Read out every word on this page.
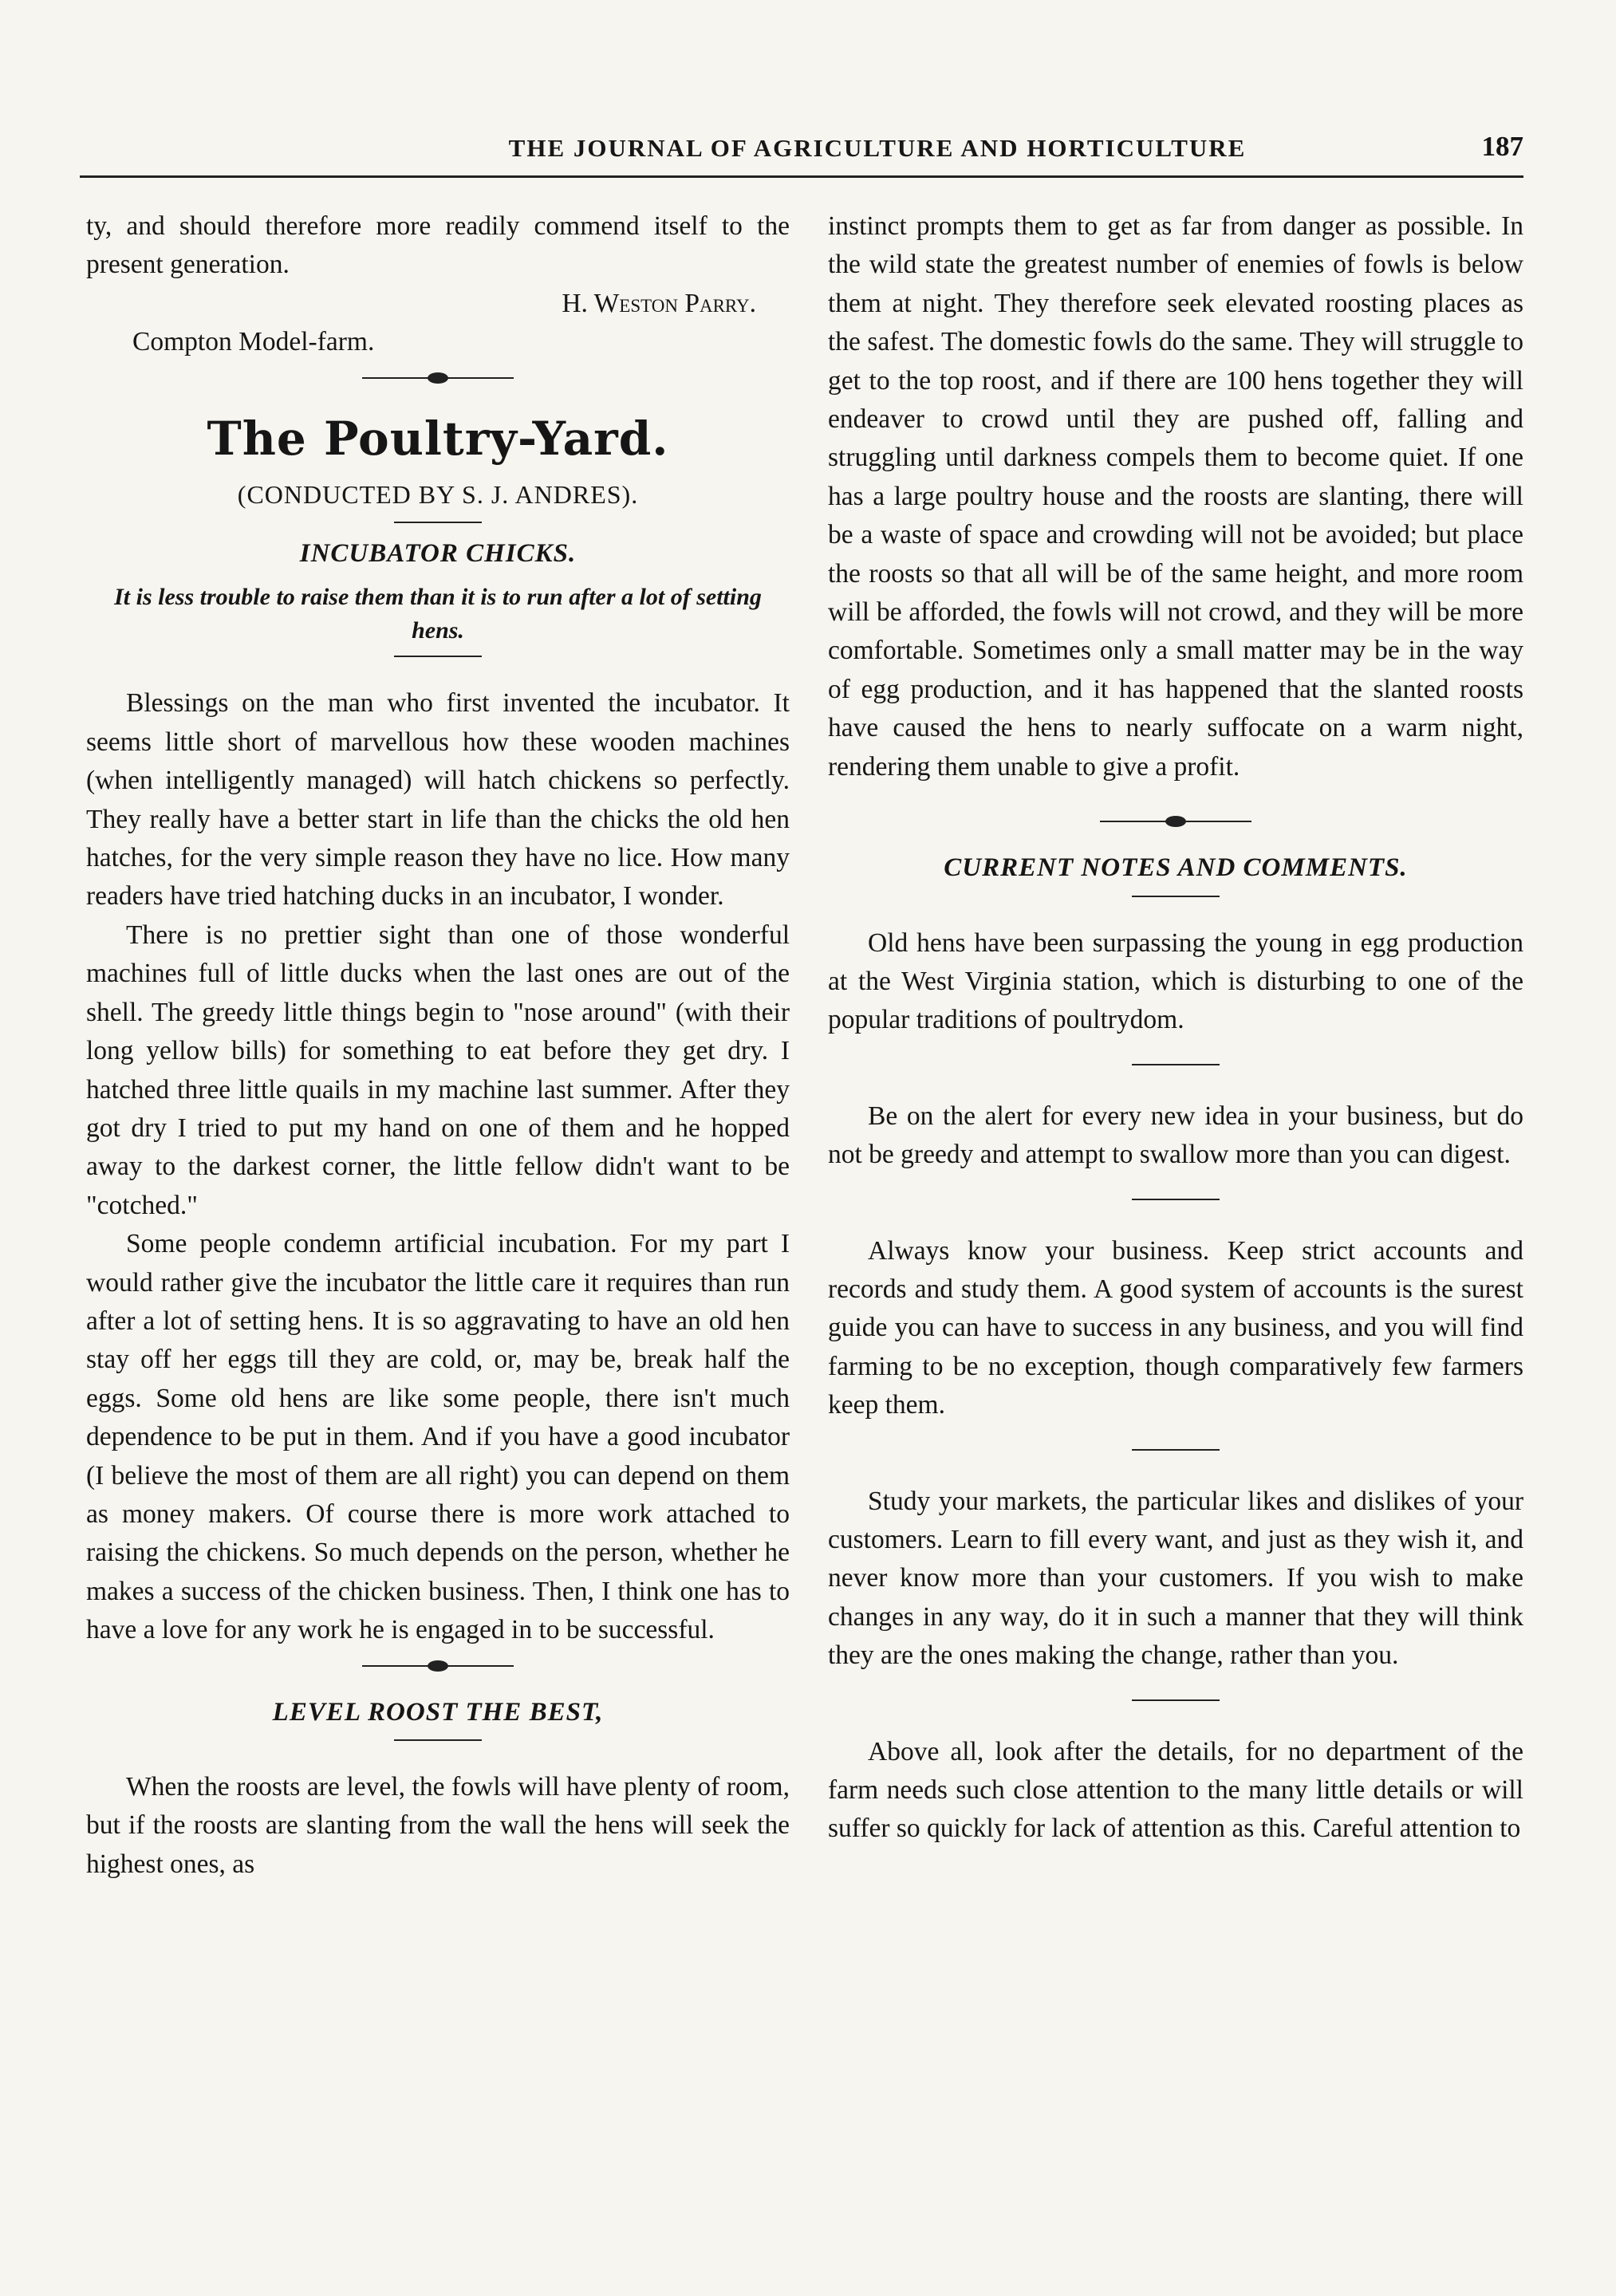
THE JOURNAL OF AGRICULTURE AND HORTICULTURE	187

ty, and should therefore more readily commend itself to the present generation.

H. Weston Parry.

Compton Model-farm.

The Poultry-Yard.
(CONDUCTED BY S. J. ANDRES).
INCUBATOR CHICKS.
It is less trouble to raise them than it is to run after a lot of setting hens.

Blessings on the man who first invented the incubator. It seems little short of marvellous how these wooden machines (when intelligently managed) will hatch chickens so perfectly. They really have a better start in life than the chicks the old hen hatches, for the very simple reason they have no lice. How many readers have tried hatching ducks in an incubator, I wonder.

There is no prettier sight than one of those wonderful machines full of little ducks when the last ones are out of the shell. The greedy little things begin to "nose around" (with their long yellow bills) for something to eat before they get dry. I hatched three little quails in my machine last summer. After they got dry I tried to put my hand on one of them and he hopped away to the darkest corner, the little fellow didn't want to be "cotched."

Some people condemn artificial incubation. For my part I would rather give the incubator the little care it requires than run after a lot of setting hens. It is so aggravating to have an old hen stay off her eggs till they are cold, or, may be, break half the eggs. Some old hens are like some people, there isn't much dependence to be put in them. And if you have a good incubator (I believe the most of them are all right) you can depend on them as money makers. Of course there is more work attached to raising the chickens. So much depends on the person, whether he makes a success of the chicken business. Then, I think one has to have a love for any work he is engaged in to be successful.

LEVEL ROOST THE BEST,

When the roosts are level, the fowls will have plenty of room, but if the roosts are slanting from the wall the hens will seek the highest ones, as

instinct prompts them to get as far from danger as possible. In the wild state the greatest number of enemies of fowls is below them at night. They therefore seek elevated roosting places as the safest. The domestic fowls do the same. They will struggle to get to the top roost, and if there are 100 hens together they will endeaver to crowd until they are pushed off, falling and struggling until darkness compels them to become quiet. If one has a large poultry house and the roosts are slanting, there will be a waste of space and crowding will not be avoided; but place the roosts so that all will be of the same height, and more room will be afforded, the fowls will not crowd, and they will be more comfortable. Sometimes only a small matter may be in the way of egg production, and it has happened that the slanted roosts have caused the hens to nearly suffocate on a warm night, rendering them unable to give a profit.

CURRENT NOTES AND COMMENTS.

Old hens have been surpassing the young in egg production at the West Virginia station, which is disturbing to one of the popular traditions of poultrydom.

Be on the alert for every new idea in your business, but do not be greedy and attempt to swallow more than you can digest.

Always know your business. Keep strict accounts and records and study them. A good system of accounts is the surest guide you can have to success in any business, and you will find farming to be no exception, though comparatively few farmers keep them.

Study your markets, the particular likes and dislikes of your customers. Learn to fill every want, and just as they wish it, and never know more than your customers. If you wish to make changes in any way, do it in such a manner that they will think they are the ones making the change, rather than you.

Above all, look after the details, for no department of the farm needs such close attention to the many little details or will suffer so quickly for lack of attention as this. Careful attention to
